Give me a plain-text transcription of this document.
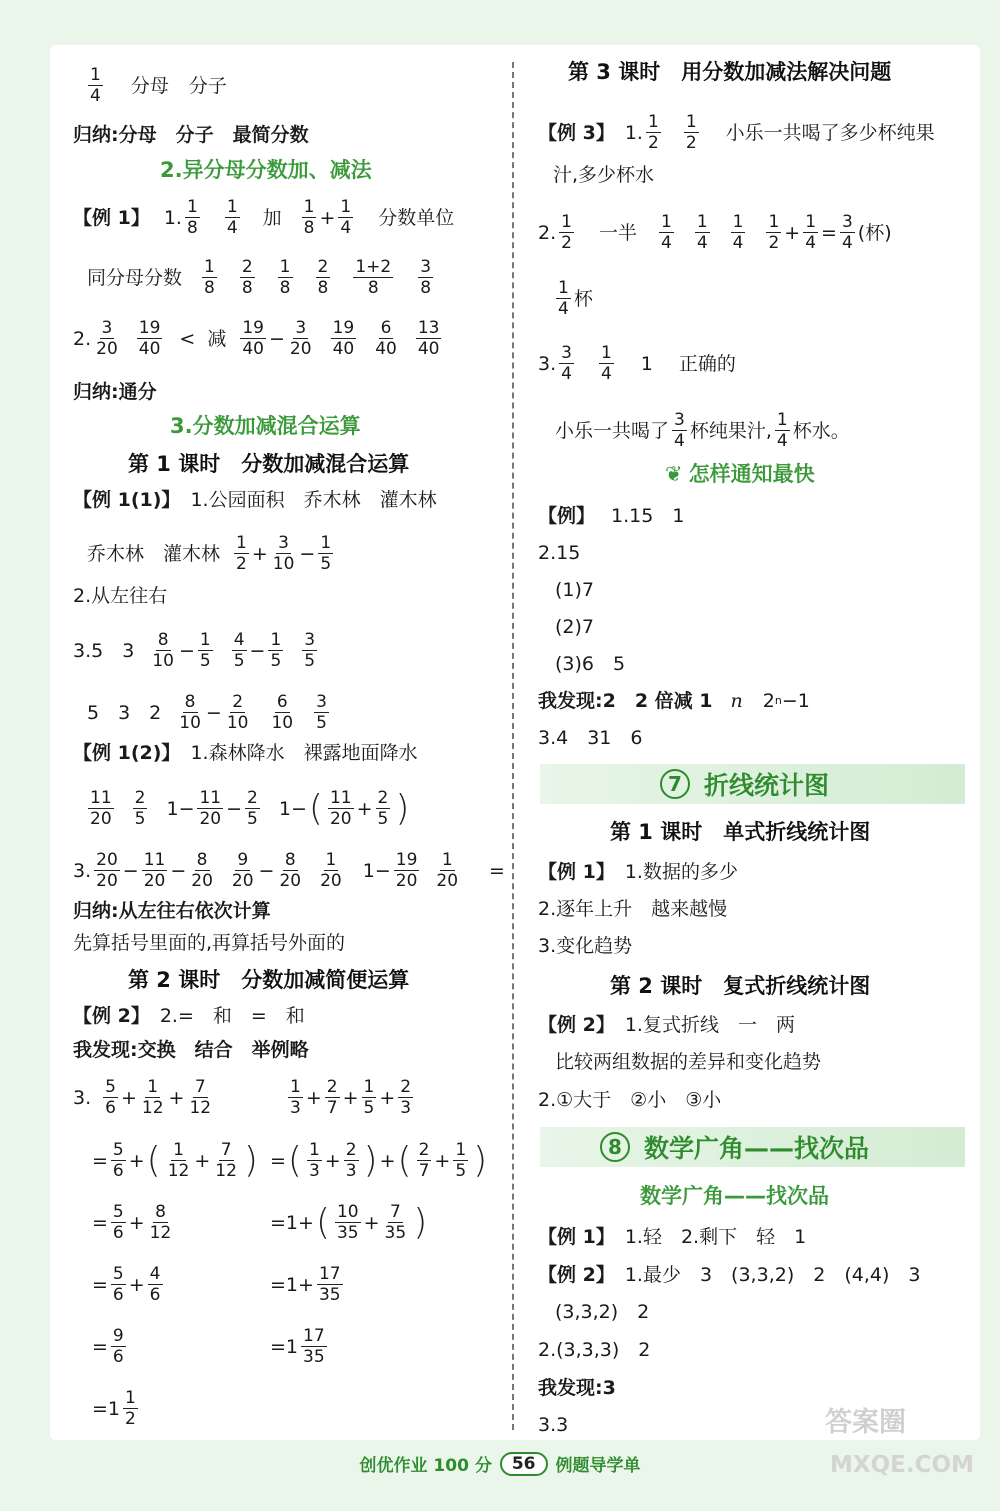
$\frac{1}{4}$ 分母 分子
归纳:分母　分子　最简分数
2.异分母分数加、减法
【例 1】 1. $\frac{1}{8} \frac{1}{4}$ 加 $\frac{1}{8} + \frac{1}{4}$ 分数单位
同分母分数 $\frac{1}{8} \frac{2}{8} \frac{1}{8} \frac{2}{8} \frac{1+2}{8} \frac{3}{8}$
2. $\frac{3}{20} \frac{19}{40}$ < 减 $\frac{19}{40} - \frac{3}{20} \frac{19}{40} \frac{6}{40} \frac{13}{40}$
归纳:通分
3.分数加减混合运算
第 1 课时　分数加减混合运算
【例 1(1)】 1.公园面积　乔木林　灌木林
乔木林　灌木林 $\frac{1}{2} + \frac{3}{10} - \frac{1}{5}$
2.从左往右
3.5　$3 \frac{8}{10} - \frac{1}{5} \frac{4}{5} - \frac{1}{5} \frac{3}{5}$
5　3　$2 \frac{8}{10} - \frac{2}{10} \frac{6}{10} \frac{3}{5}$
【例 1(2)】 1.森林降水　裸露地面降水
$\frac{11}{20} \frac{2}{5} 1 - \frac{11}{20} - \frac{2}{5} 1$ − ( $\frac{11}{20} + \frac{2}{5}$ )
3. $\frac{20}{20} - \frac{11}{20} - \frac{8}{20} \frac{9}{20} - \frac{8}{20} \frac{1}{20} 1 - \frac{19}{20} \frac{1}{20}$ =
归纳:从左往右依次计算
先算括号里面的,再算括号外面的
第 2 课时　分数加减简便运算
【例 2】 2.=　和　=　和
我发现:交换　结合　举例略
3. $\frac{5}{6} + \frac{1}{12} + \frac{7}{12}$
= $\frac{5}{6}$ + ( $\frac{1}{12} + \frac{7}{12}$ )
= $\frac{5}{6} + \frac{8}{12}$
= $\frac{5}{6} + \frac{4}{6}$
= $\frac{9}{6}$
$=1 \frac{1}{2}$
$\frac{1}{3} + \frac{2}{7} + \frac{1}{5} + \frac{2}{3}$
= ( $\frac{1}{3} + \frac{2}{3}$ ) + ( $\frac{2}{7} + \frac{1}{5}$ )
=1 + ( $\frac{10}{35} + \frac{7}{35}$ )
$=1 + \frac{17}{35}$
$=1 \frac{17}{35}$
第 3 课时　用分数加减法解决问题
【例 3】 1. $\frac{1}{2} \frac{1}{2}$ 小乐一共喝了多少杯纯果
汁,多少杯水
2. $\frac{1}{2}$ 一半 $\frac{1}{4} \frac{1}{4} \frac{1}{4} \frac{1}{2} + \frac{1}{4} = \frac{3}{4}$ (杯)
$\frac{1}{4}$ 杯
3. $\frac{3}{4} \frac{1}{4} 1$ 正确的
小乐一共喝了 $\frac{3}{4}$ 杯纯果汁, $\frac{1}{4}$ 杯水。
❦ 怎样通知最快
【例】 1.15　1
2.15
(1)7
(2)7
(3)6　5
我发现:2　2 倍减 1 n 2 n −1
3.4　31　6
7 折线统计图
第 1 课时　单式折线统计图
【例 1】 1.数据的多少
2.逐年上升　越来越慢
3.变化趋势
第 2 课时　复式折线统计图
【例 2】 1.复式折线　一　两
比较两组数据的差异和变化趋势
2.①大于　②小　③小
8 数学广角——找次品
数学广角——找次品
【例 1】 1.轻　2.剩下　轻　1
【例 2】 1.最少　3　(3,3,2)　2　(4,4)　3
(3,3,2)　2
2.(3,3,3)　2
我发现:3
3.3	答案圈
MXQE.COM
创优作业 100 分	56	例题导学单
